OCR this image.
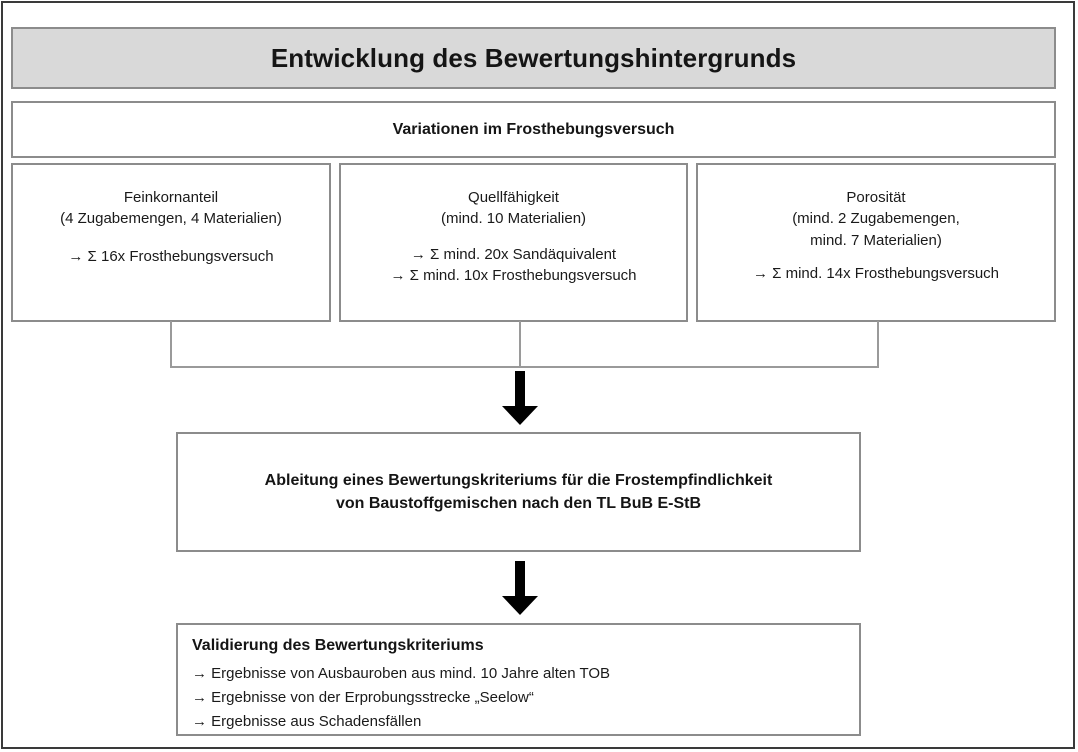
Entwicklung des Bewertungshintergrunds
Variationen im Frosthebungsversuch
Feinkornanteil
(4 Zugabemengen, 4 Materialien)
→ Σ 16x Frosthebungsversuch
Quellfähigkeit
(mind. 10 Materialien)
→ Σ mind. 20x Sandäquivalent
→ Σ mind. 10x Frosthebungsversuch
Porosität
(mind. 2 Zugabemengen,
mind. 7 Materialien)
→ Σ mind. 14x Frosthebungsversuch
Ableitung eines Bewertungskriteriums für die Frostempfindlichkeit
von Baustoffgemischen nach den TL BuB E-StB
Validierung des Bewertungskriteriums
→ Ergebnisse von Ausbauroben aus mind. 10 Jahre alten TOB
→ Ergebnisse von der Erprobungsstrecke „Seelow“
→ Ergebnisse aus Schadensfällen
